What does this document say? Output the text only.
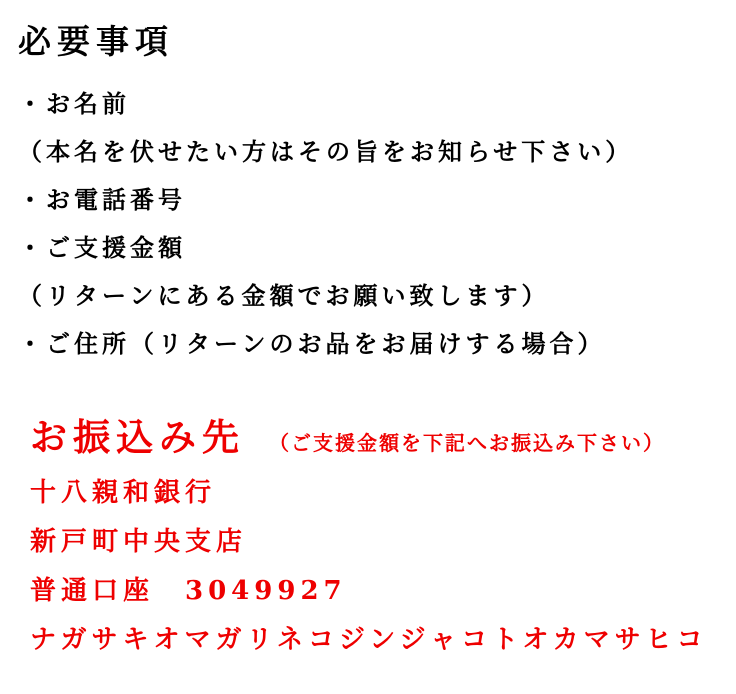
必要事項
・お名前
（本名を伏せたい方はその旨をお知らせ下さい）
・お電話番号
・ご支援金額
（リターンにある金額でお願い致します）
・ご住所（リターンのお品をお届けする場合）
お振込み先 （ご支援金額を下記へお振込み下さい）
十八親和銀行
新戸町中央支店
普通口座　3049927
ナガサキオマガリネコジンジャコトオカマサヒコ
